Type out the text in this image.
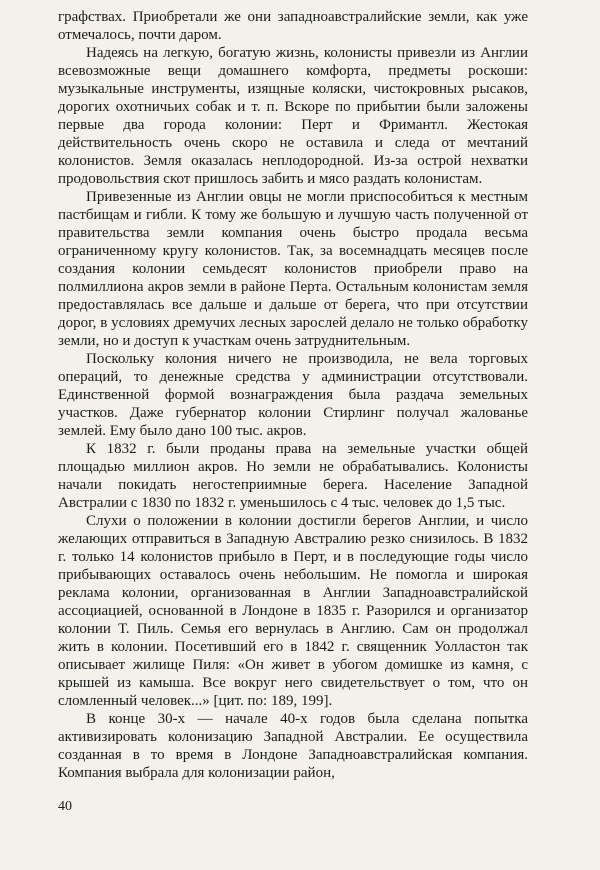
графствах. Приобретали же они западноавстралийские земли, как уже отмечалось, почти даром.

Надеясь на легкую, богатую жизнь, колонисты привезли из Англии всевозможные вещи домашнего комфорта, предметы роскоши: музыкальные инструменты, изящные коляски, чистокровных рысаков, дорогих охотничьих собак и т. п. Вскоре по прибытии были заложены первые два города колонии: Перт и Фримантл. Жестокая действительность очень скоро не оставила и следа от мечтаний колонистов. Земля оказалась неплодородной. Из-за острой нехватки продовольствия скот пришлось забить и мясо раздать колонистам.

Привезенные из Англии овцы не могли приспособиться к местным пастбищам и гибли. К тому же большую и лучшую часть полученной от правительства земли компания очень быстро продала весьма ограниченному кругу колонистов. Так, за восемнадцать месяцев после создания колонии семьдесят колонистов приобрели право на полмиллиона акров земли в районе Перта. Остальным колонистам земля предоставлялась все дальше и дальше от берега, что при отсутствии дорог, в условиях дремучих лесных зарослей делало не только обработку земли, но и доступ к участкам очень затруднительным.

Поскольку колония ничего не производила, не вела торговых операций, то денежные средства у администрации отсутствовали. Единственной формой вознаграждения была раздача земельных участков. Даже губернатор колонии Стирлинг получал жалованье землей. Ему было дано 100 тыс. акров.

К 1832 г. были проданы права на земельные участки общей площадью миллион акров. Но земли не обрабатывались. Колонисты начали покидать негостеприимные берега. Население Западной Австралии с 1830 по 1832 г. уменьшилось с 4 тыс. человек до 1,5 тыс.

Слухи о положении в колонии достигли берегов Англии, и число желающих отправиться в Западную Австралию резко снизилось. В 1832 г. только 14 колонистов прибыло в Перт, и в последующие годы число прибывающих оставалось очень небольшим. Не помогла и широкая реклама колонии, организованная в Англии Западноавстралийской ассоциацией, основанной в Лондоне в 1835 г. Разорился и организатор колонии Т. Пиль. Семья его вернулась в Англию. Сам он продолжал жить в колонии. Посетивший его в 1842 г. священник Уолластон так описывает жилище Пиля: «Он живет в убогом домишке из камня, с крышей из камыша. Все вокруг него свидетельствует о том, что он сломленный человек...» [цит. по: 189, 199].

В конце 30-х — начале 40-х годов была сделана попытка активизировать колонизацию Западной Австралии. Ее осуществила созданная в то время в Лондоне Западноавстралийская компания. Компания выбрала для колонизации район,

40
